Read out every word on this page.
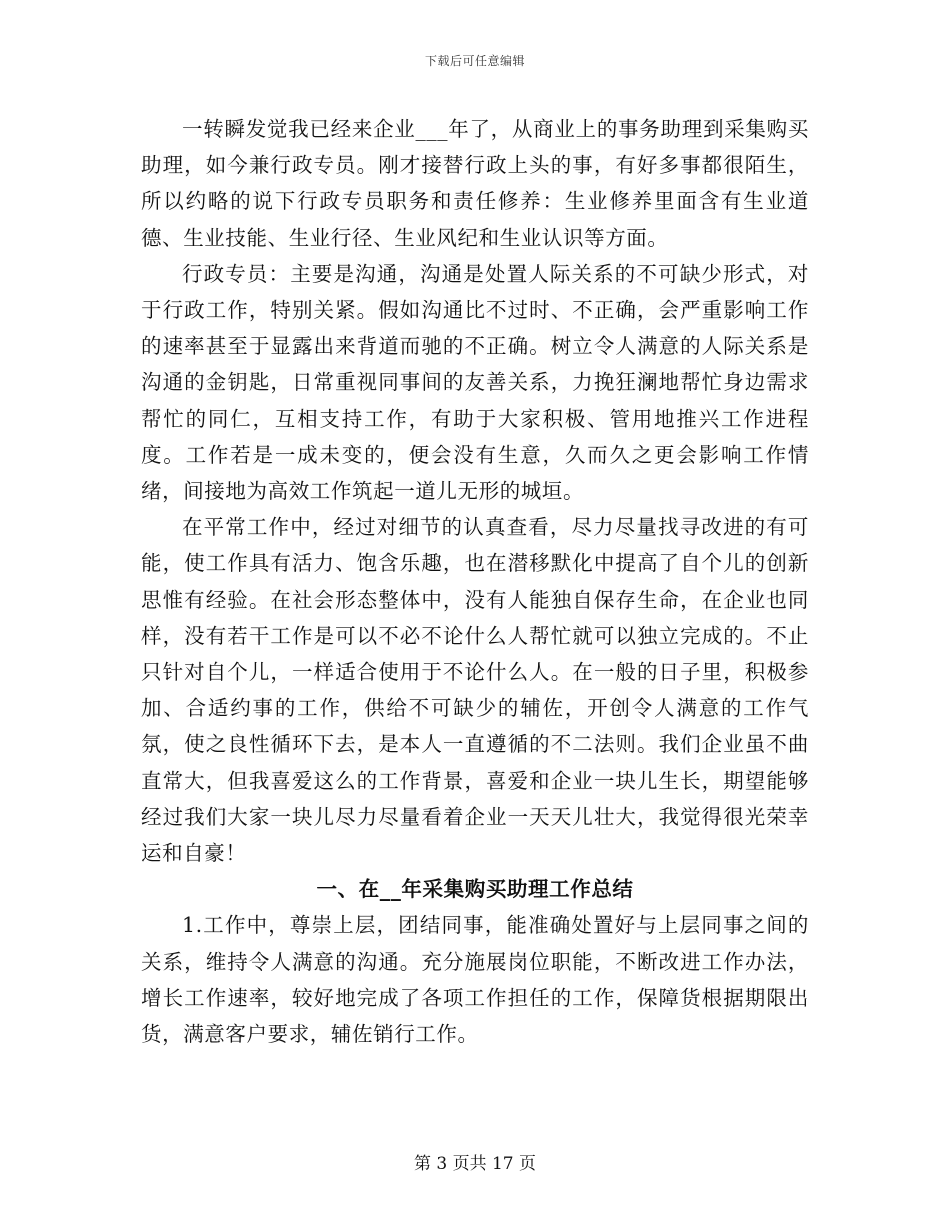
下载后可任意编辑

一转瞬发觉我已经来企业___年了，从商业上的事务助理到采集购买助理，如今兼行政专员。刚才接替行政上头的事，有好多事都很陌生，所以约略的说下行政专员职务和责任修养：生业修养里面含有生业道德、生业技能、生业行径、生业风纪和生业认识等方面。

行政专员：主要是沟通，沟通是处置人际关系的不可缺少形式，对于行政工作，特别关紧。假如沟通比不过时、不正确，会严重影响工作的速率甚至于显露出来背道而驰的不正确。树立令人满意的人际关系是沟通的金钥匙，日常重视同事间的友善关系，力挽狂澜地帮忙身边需求帮忙的同仁，互相支持工作，有助于大家积极、管用地推兴工作进程度。工作若是一成未变的，便会没有生意，久而久之更会影响工作情绪，间接地为高效工作筑起一道儿无形的城垣。

在平常工作中，经过对细节的认真查看，尽力尽量找寻改进的有可能，使工作具有活力、饱含乐趣，也在潜移默化中提高了自个儿的创新思惟有经验。在社会形态整体中，没有人能独自保存生命，在企业也同样，没有若干工作是可以不必不论什么人帮忙就可以独立完成的。不止只针对自个儿，一样适合使用于不论什么人。在一般的日子里，积极参加、合适约事的工作，供给不可缺少的辅佐，开创令人满意的工作气氛，使之良性循环下去，是本人一直遵循的不二法则。我们企业虽不曲直常大，但我喜爱这么的工作背景，喜爱和企业一块儿生长，期望能够经过我们大家一块儿尽力尽量看着企业一天天儿壮大，我觉得很光荣幸运和自豪！

一、在__年采集购买助理工作总结

1.工作中，尊崇上层，团结同事，能准确处置好与上层同事之间的关系，维持令人满意的沟通。充分施展岗位职能，不断改进工作办法，增长工作速率，较好地完成了各项工作担任的工作，保障货根据期限出货，满意客户要求，辅佐销行工作。

第 3 页共 17 页
